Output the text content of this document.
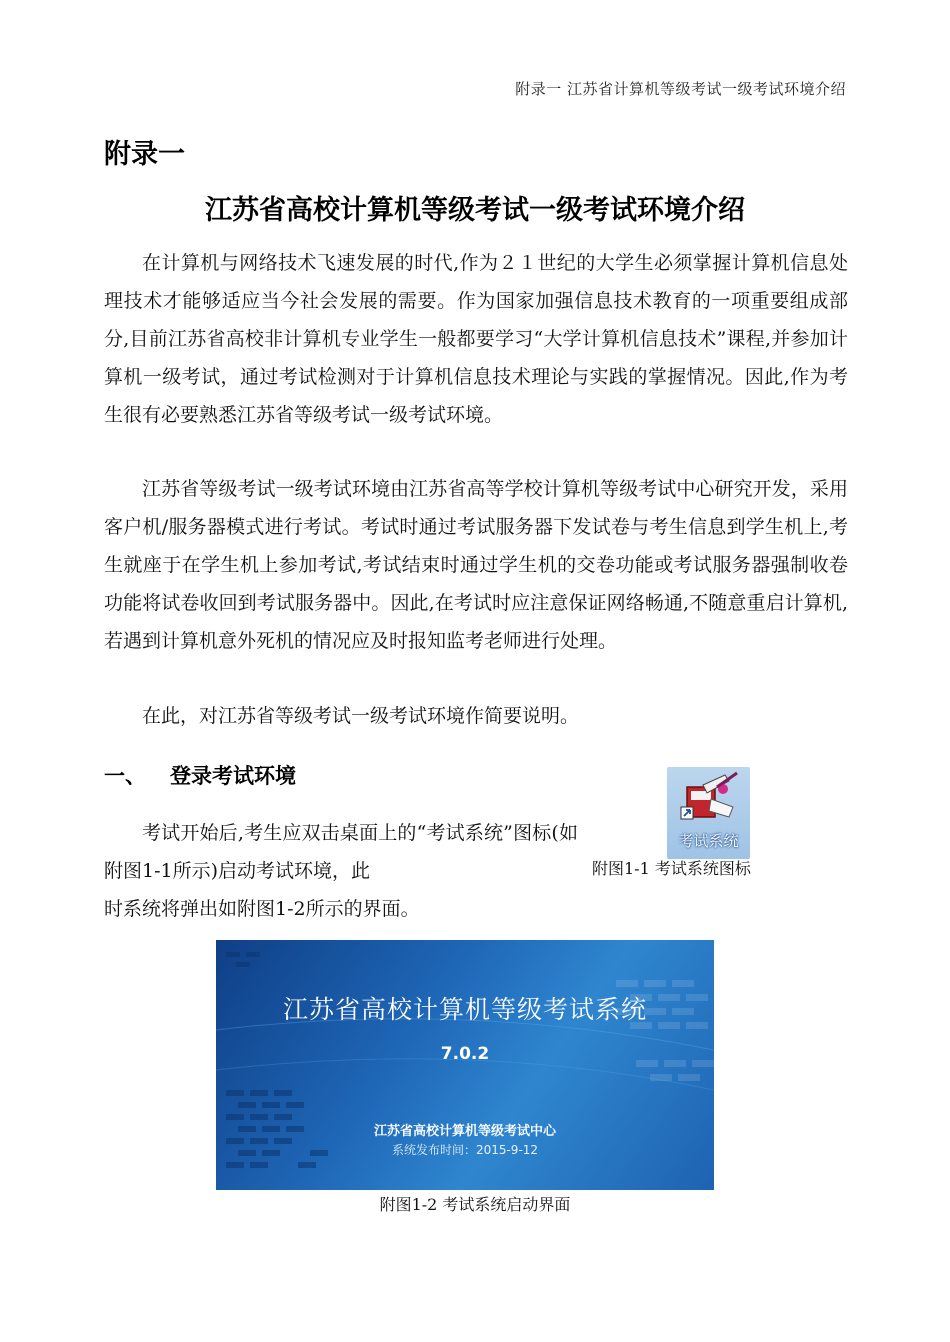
附录一 江苏省计算机等级考试一级考试环境介绍
附录一
江苏省高校计算机等级考试一级考试环境介绍

在计算机与网络技术飞速发展的时代,作为２１世纪的大学生必须掌握计算机信息处理技术才能够适应当今社会发展的需要。作为国家加强信息技术教育的一项重要组成部分,目前江苏省高校非计算机专业学生一般都要学习“大学计算机信息技术”课程,并参加计算机一级考试，通过考试检测对于计算机信息技术理论与实践的掌握情况。因此,作为考生很有必要熟悉江苏省等级考试一级考试环境。

江苏省等级考试一级考试环境由江苏省高等学校计算机等级考试中心研究开发，采用客户机/服务器模式进行考试。考试时通过考试服务器下发试卷与考生信息到学生机上,考生就座于在学生机上参加考试,考试结束时通过学生机的交卷功能或考试服务器强制收卷功能将试卷收回到考试服务器中。因此,在考试时应注意保证网络畅通,不随意重启计算机,若遇到计算机意外死机的情况应及时报知监考老师进行处理。

在此，对江苏省等级考试一级考试环境作简要说明。

一、 登录考试环境

考试开始后,考生应双击桌面上的“考试系统”图标(如附图1-1所示)启动考试环境，此

时系统将弹出如附图1-2所示的界面。

考试系统
附图1-1 考试系统图标
江苏省高校计算机等级考试系统
7.0.2
江苏省高校计算机等级考试中心
系统发布时间：2015-9-12
附图1-2 考试系统启动界面
